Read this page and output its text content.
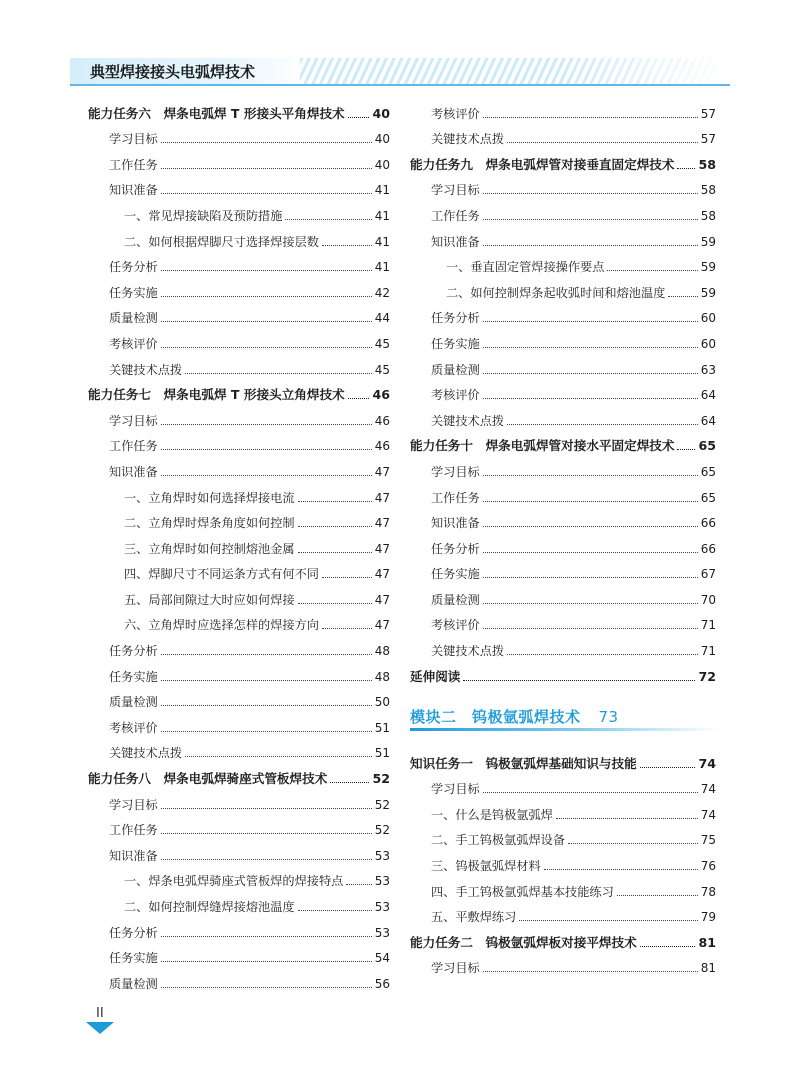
典型焊接接头电弧焊技术
能力任务六　焊条电弧焊 T 形接头平角焊技术 40
学习目标	40
工作任务	40
知识准备	41
一、常见焊接缺陷及预防措施	41
二、如何根据焊脚尺寸选择焊接层数	41
任务分析	41
任务实施	42
质量检测	44
考核评价	45
关键技术点拨	45
能力任务七　焊条电弧焊 T 形接头立角焊技术 46
学习目标	46
工作任务	46
知识准备	47
一、立角焊时如何选择焊接电流	47
二、立角焊时焊条角度如何控制	47
三、立角焊时如何控制熔池金属	47
四、焊脚尺寸不同运条方式有何不同	47
五、局部间隙过大时应如何焊接	47
六、立角焊时应选择怎样的焊接方向	47
任务分析	48
任务实施	48
质量检测	50
考核评价	51
关键技术点拨	51
能力任务八　焊条电弧焊骑座式管板焊技术	52
学习目标	52
工作任务	52
知识准备	53
一、焊条电弧焊骑座式管板焊的焊接特点	53
二、如何控制焊缝焊接熔池温度	53
任务分析	53
任务实施	54
质量检测	56
考核评价	57
关键技术点拨	57
能力任务九　焊条电弧焊管对接垂直固定焊技术 58
学习目标	58
工作任务	58
知识准备	59
一、垂直固定管焊接操作要点	59
二、如何控制焊条起收弧时间和熔池温度	59
任务分析	60
任务实施	60
质量检测	63
考核评价	64
关键技术点拨	64
能力任务十　焊条电弧焊管对接水平固定焊技术 65
学习目标	65
工作任务	65
知识准备	66
任务分析	66
任务实施	67
质量检测	70
考核评价	71
关键技术点拨	71
延伸阅读	72
模块二　钨极氩弧焊技术 73
知识任务一　钨极氩弧焊基础知识与技能	74
学习目标	74
一、什么是钨极氩弧焊	74
二、手工钨极氩弧焊设备	75
三、钨极氩弧焊材料	76
四、手工钨极氩弧焊基本技能练习	78
五、平敷焊练习	79
能力任务二　钨极氩弧焊板对接平焊技术	81
学习目标	81
II
